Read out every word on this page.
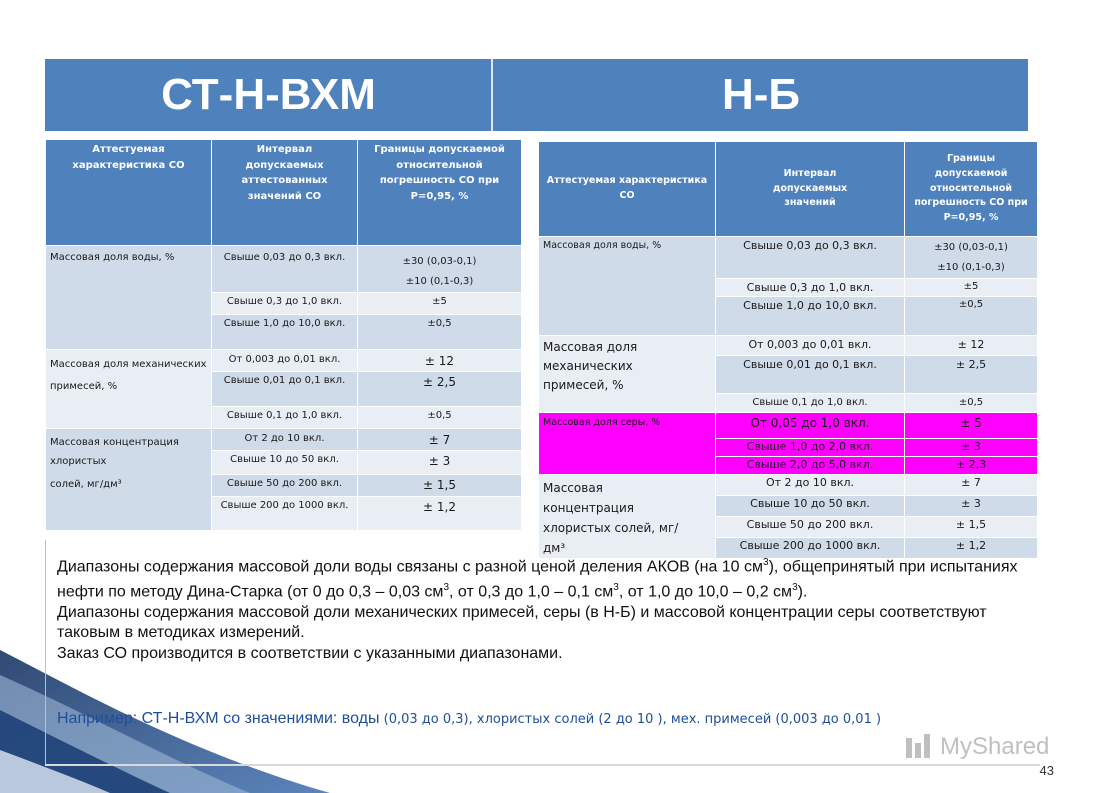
СТ-Н-ВХМ	Н-Б
Аттестуемая характеристика СО	Интервал допускаемых аттестованных значений СО	Границы допускаемой относительной погрешность СО при Р=0,95, %
Массовая доля воды, %	Свыше 0,03 до 0,3 вкл.	±30 (0,03-0,1)
±10 (0,1-0,3)

	Свыше 0,3 до 1,0 вкл.	±5
	Свыше 1,0 до 10,0 вкл.	±0,5

Массовая доля механических
примесей, %	От 0,003 до 0,01 вкл.	± 12
	Свыше 0,01 до 0,1 вкл.	± 2,5
	Свыше 0,1 до 1,0 вкл.	±0,5

Массовая концентрация хлористых
солей, мг/дм³	От 2 до 10 вкл.	± 7
	Свыше 10 до 50 вкл.	± 3
	Свыше 50 до 200 вкл.	± 1,5
	Свыше 200 до 1000 вкл.	± 1,2
Аттестуемая характеристика СО	Интервал допускаемых значений	Границы допускаемой относительной погрешность СО при Р=0,95, %
Массовая доля воды, %	Свыше 0,03 до 0,3 вкл.	±30 (0,03-0,1)
±10 (0,1-0,3)

	Свыше 0,3 до 1,0 вкл.	±5
	Свыше 1,0 до 10,0 вкл.	±0,5
Массовая доля механических примесей, %	От 0,003 до 0,01 вкл.	± 12
	Свыше 0,01 до 0,1 вкл.	± 2,5
	Свыше 0,1 до 1,0 вкл.	±0,5
Массовая доля серы, %	От 0,05 до 1,0 вкл.	± 5
	Свыше 1,0 до 2,0 вкл.	± 3
	Свыше 2,0 до 5,0 вкл.	± 2,3
Массовая концентрация хлористых солей, мг/дм³	От 2 до 10 вкл.	± 7
	Свыше 10 до 50 вкл.	± 3
	Свыше 50 до 200 вкл.	± 1,5
	Свыше 200 до 1000 вкл.	± 1,2

Диапазоны содержания массовой доли воды связаны с разной ценой деления АКОВ (на 10 $см^3$), общепринятый при испытаниях нефти по методу Дина-Старка (от 0 до 0,3 – 0,03 $см^3$, от 0,3 до 1,0 – 0,1 $см^3$, от 1,0 до 10,0 – 0,2 $см^3$).

Диапазоны содержания массовой доли механических примесей, серы (в Н-Б) и массовой концентрации серы соответствуют таковым в методиках измерений.

Заказ СО производится в соответствии с указанными диапазонами.

Например: СТ-Н-ВХМ со значениями: воды (0,03 до 0,3), хлористых солей (2 до 10 ), мех. примесей (0,003 до 0,01 )
MyShared
43
